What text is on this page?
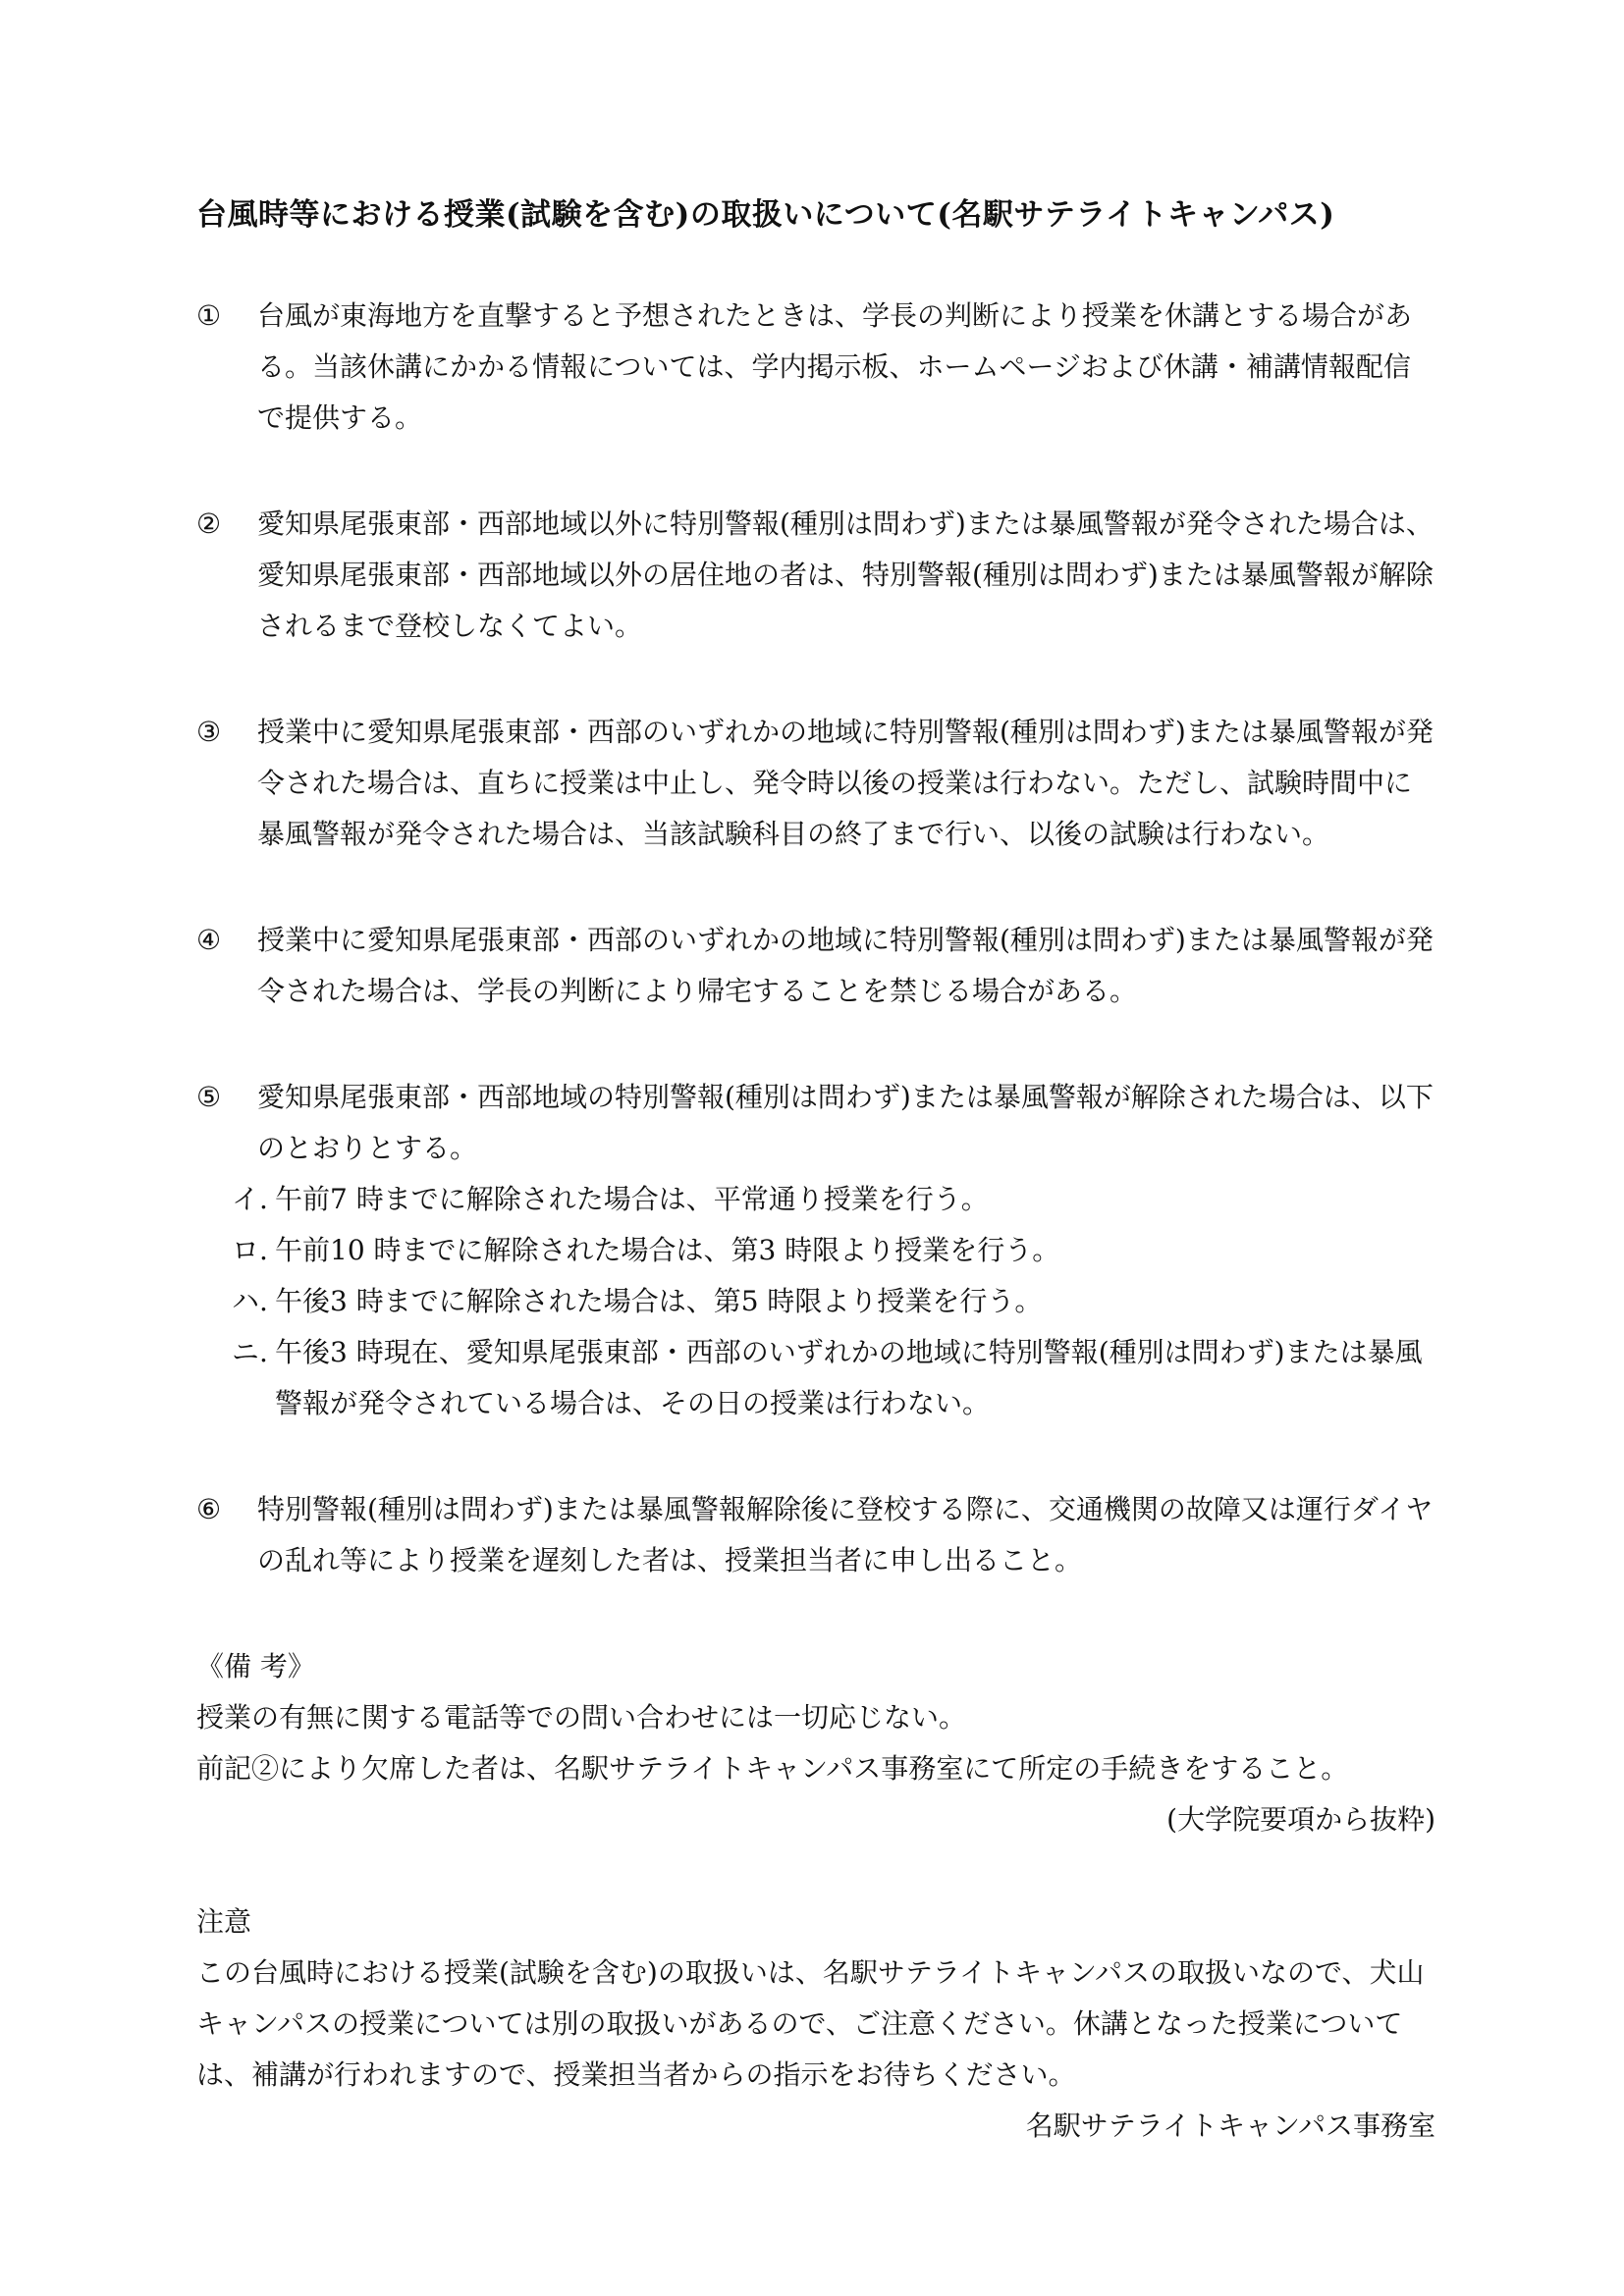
台風時等における授業(試験を含む)の取扱いについて(名駅サテライトキャンパス)
①	台風が東海地方を直撃すると予想されたときは、学長の判断により授業を休講とする場合がある。当該休講にかかる情報については、学内掲示板、ホームページおよび休講・補講情報配信で提供する。
②	愛知県尾張東部・西部地域以外に特別警報(種別は問わず)または暴風警報が発令された場合は、愛知県尾張東部・西部地域以外の居住地の者は、特別警報(種別は問わず)または暴風警報が解除されるまで登校しなくてよい。
③	授業中に愛知県尾張東部・西部のいずれかの地域に特別警報(種別は問わず)または暴風警報が発令された場合は、直ちに授業は中止し、発令時以後の授業は行わない。ただし、試験時間中に暴風警報が発令された場合は、当該試験科目の終了まで行い、以後の試験は行わない。
④	授業中に愛知県尾張東部・西部のいずれかの地域に特別警報(種別は問わず)または暴風警報が発令された場合は、学長の判断により帰宅することを禁じる場合がある。
⑤	愛知県尾張東部・西部地域の特別警報(種別は問わず)または暴風警報が解除された場合は、以下のとおりとする。
イ. 午前7 時までに解除された場合は、平常通り授業を行う。
ロ. 午前10 時までに解除された場合は、第3 時限より授業を行う。
ハ. 午後3 時までに解除された場合は、第5 時限より授業を行う。
ニ. 午後3 時現在、愛知県尾張東部・西部のいずれかの地域に特別警報(種別は問わず)または暴風警報が発令されている場合は、その日の授業は行わない。
⑥	特別警報(種別は問わず)または暴風警報解除後に登校する際に、交通機関の故障又は運行ダイヤの乱れ等により授業を遅刻した者は、授業担当者に申し出ること。
《備 考》
授業の有無に関する電話等での問い合わせには一切応じない。
前記②により欠席した者は、名駅サテライトキャンパス事務室にて所定の手続きをすること。
(大学院要項から抜粋)
注意
この台風時における授業(試験を含む)の取扱いは、名駅サテライトキャンパスの取扱いなので、犬山キャンパスの授業については別の取扱いがあるので、ご注意ください。休講となった授業については、補講が行われますので、授業担当者からの指示をお待ちください。
名駅サテライトキャンパス事務室
